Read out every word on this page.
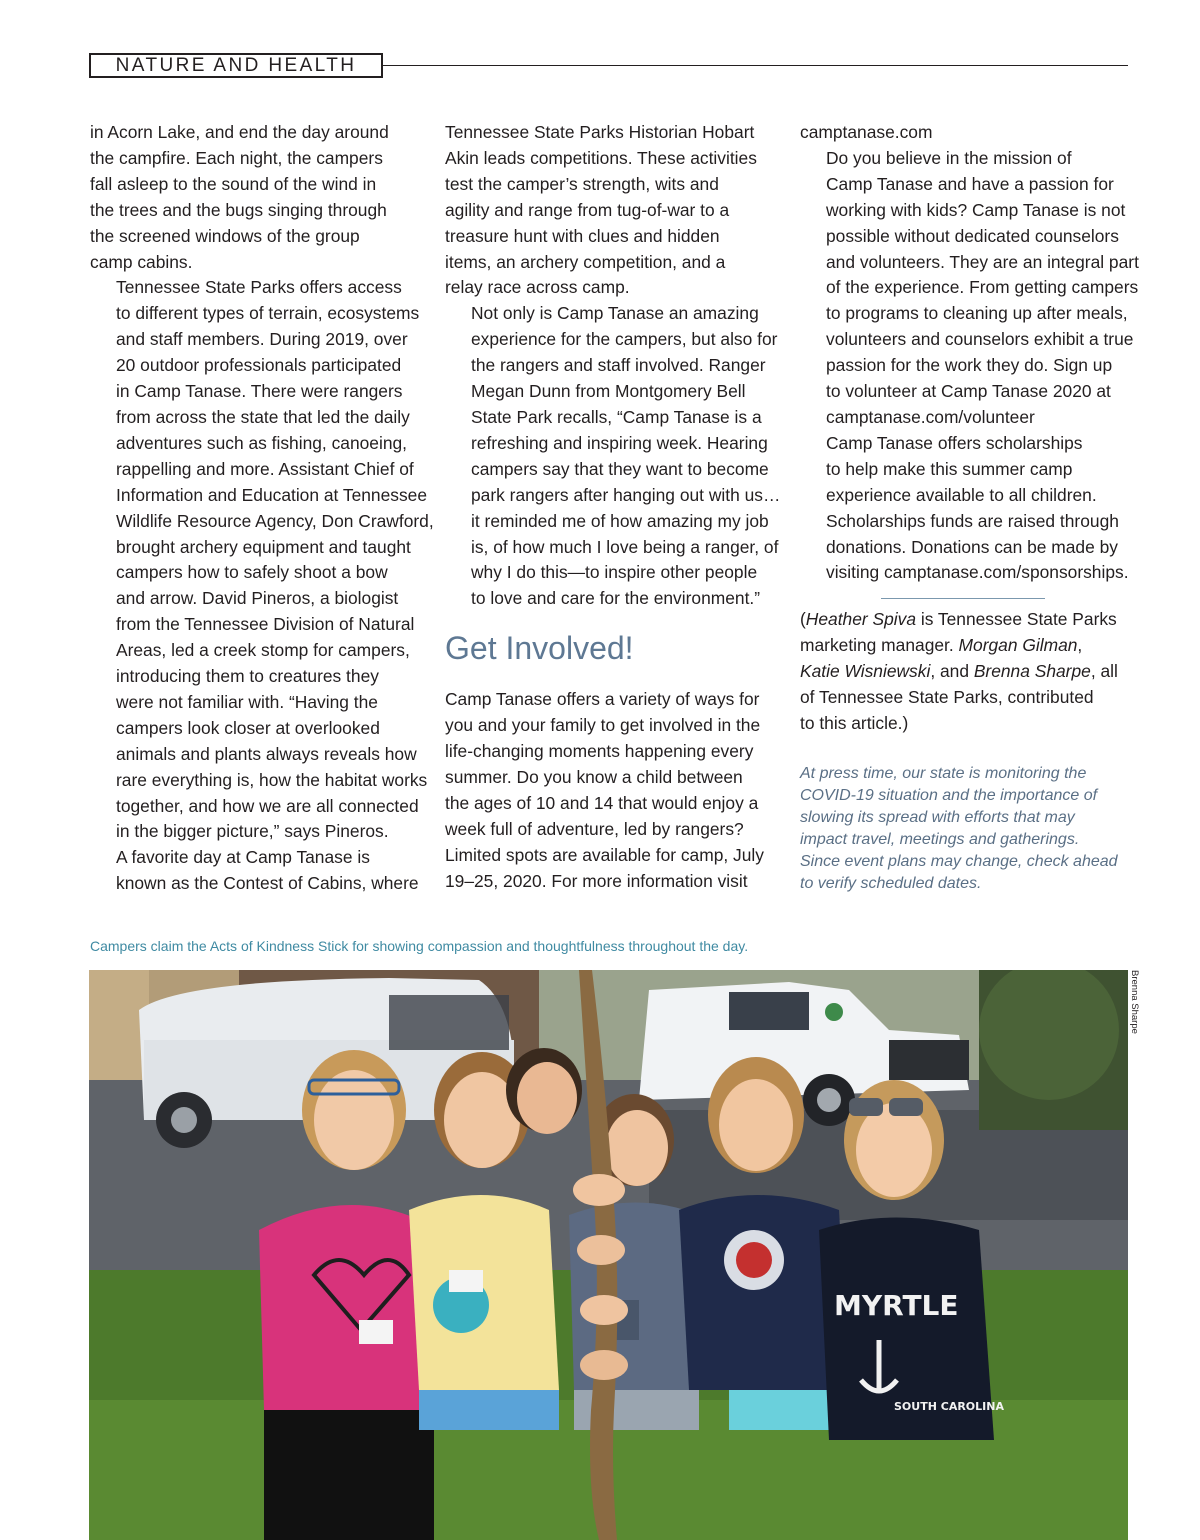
NATURE AND HEALTH

in Acorn Lake, and end the day around
the campfire. Each night, the campers
fall asleep to the sound of the wind in
the trees and the bugs singing through
the screened windows of the group
camp cabins.

Tennessee State Parks offers access
to different types of terrain, ecosystems
and staff members. During 2019, over
20 outdoor professionals participated
in Camp Tanase. There were rangers
from across the state that led the daily
adventures such as fishing, canoeing,
rappelling and more. Assistant Chief of
Information and Education at Tennessee
Wildlife Resource Agency, Don Crawford,
brought archery equipment and taught
campers how to safely shoot a bow
and arrow. David Pineros, a biologist
from the Tennessee Division of Natural
Areas, led a creek stomp for campers,
introducing them to creatures they
were not familiar with. “Having the
campers look closer at overlooked
animals and plants always reveals how
rare everything is, how the habitat works
together, and how we are all connected
in the bigger picture,” says Pineros.

A favorite day at Camp Tanase is
known as the Contest of Cabins, where

Tennessee State Parks Historian Hobart
Akin leads competitions. These activities
test the camper’s strength, wits and
agility and range from tug-of-war to a
treasure hunt with clues and hidden
items, an archery competition, and a
relay race across camp.

Not only is Camp Tanase an amazing
experience for the campers, but also for
the rangers and staff involved. Ranger
Megan Dunn from Montgomery Bell
State Park recalls, “Camp Tanase is a
refreshing and inspiring week. Hearing
campers say that they want to become
park rangers after hanging out with us…
it reminded me of how amazing my job
is, of how much I love being a ranger, of
why I do this—to inspire other people
to love and care for the environment.”

Get Involved!

Camp Tanase offers a variety of ways for
you and your family to get involved in the
life-changing moments happening every
summer. Do you know a child between
the ages of 10 and 14 that would enjoy a
week full of adventure, led by rangers?
Limited spots are available for camp, July
19–25, 2020. For more information visit

camptanase.com

Do you believe in the mission of
Camp Tanase and have a passion for
working with kids? Camp Tanase is not
possible without dedicated counselors
and volunteers. They are an integral part
of the experience. From getting campers
to programs to cleaning up after meals,
volunteers and counselors exhibit a true
passion for the work they do. Sign up
to volunteer at Camp Tanase 2020 at
camptanase.com/volunteer

Camp Tanase offers scholarships
to help make this summer camp
experience available to all children.
Scholarships funds are raised through
donations. Donations can be made by
visiting camptanase.com/sponsorships.

(Heather Spiva is Tennessee State Parks
marketing manager. Morgan Gilman,
Katie Wisniewski, and Brenna Sharpe, all
of Tennessee State Parks, contributed
to this article.)

At press time, our state is monitoring the
COVID-19 situation and the importance of
slowing its spread with efforts that may
impact travel, meetings and gatherings.
Since event plans may change, check ahead
to verify scheduled dates.

Campers claim the Acts of Kindness Stick for showing compassion and thoughtfulness throughout the day.
MYRTLE
SOUTH CAROLINA
Brenna Sharpe
